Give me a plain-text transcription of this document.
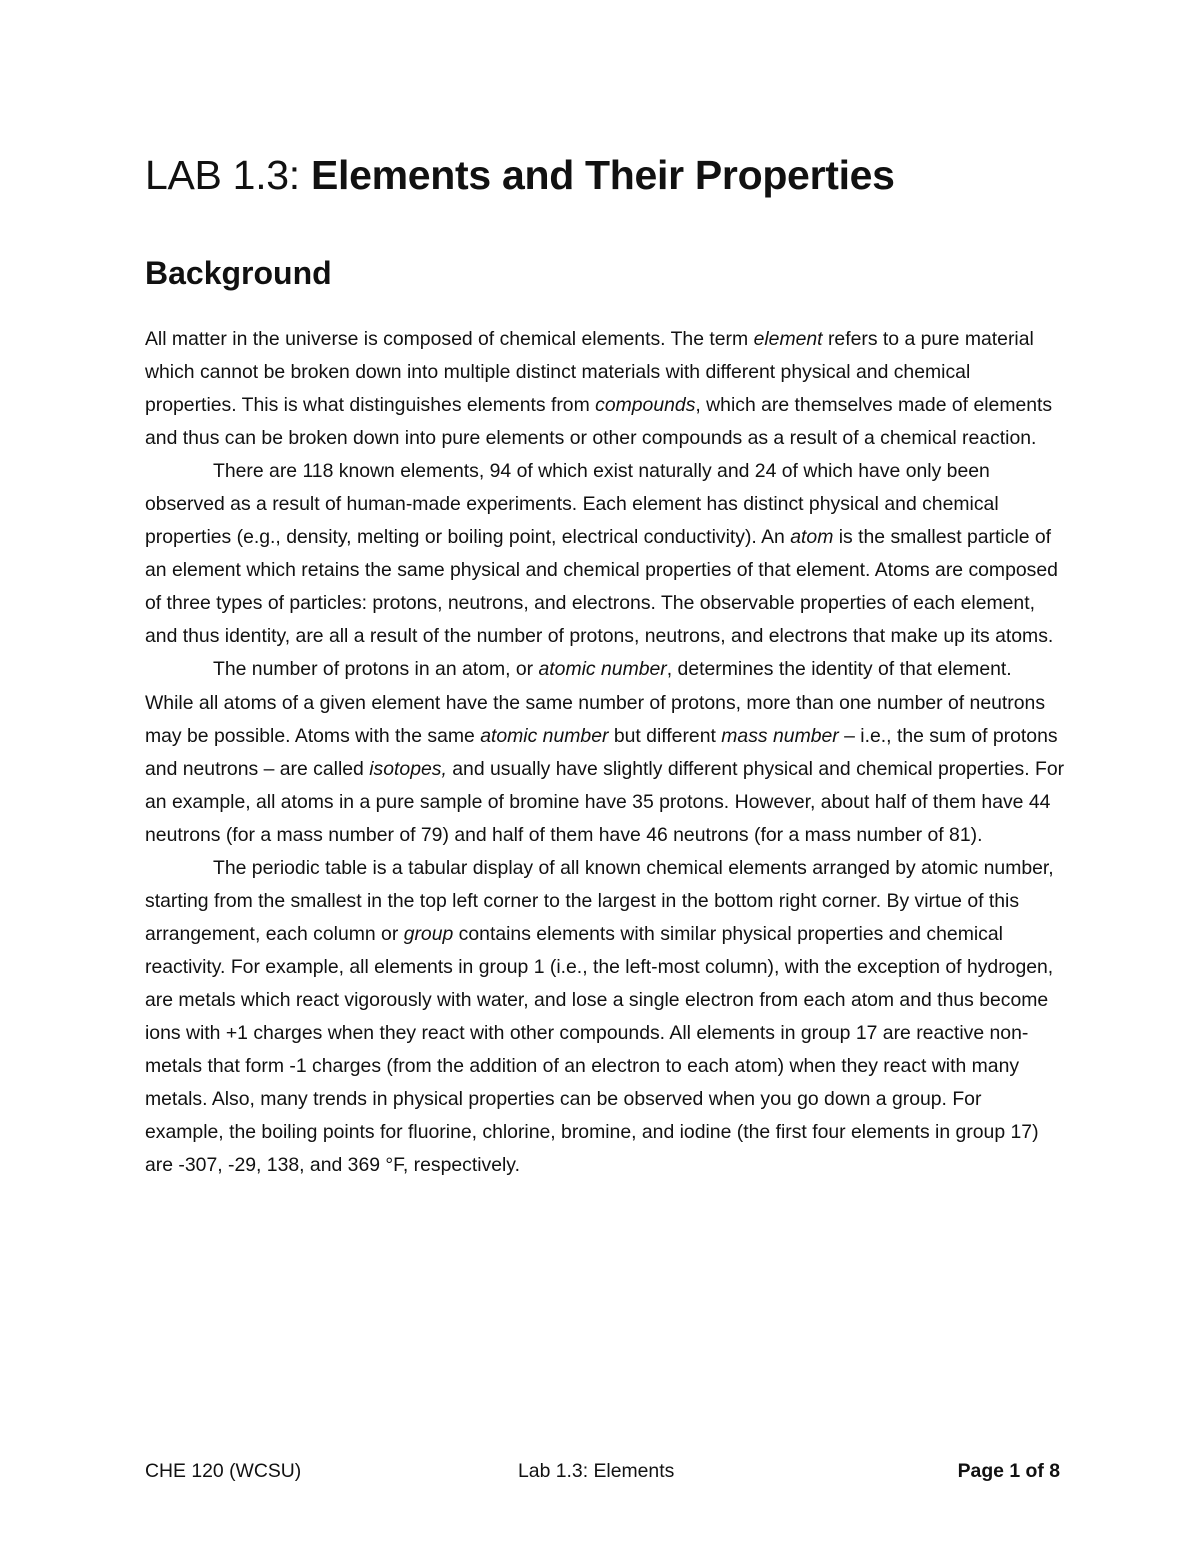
LAB 1.3: Elements and Their Properties
Background

All matter in the universe is composed of chemical elements. The term element refers to a pure material which cannot be broken down into multiple distinct materials with different physical and chemical properties. This is what distinguishes elements from compounds, which are themselves made of elements and thus can be broken down into pure elements or other compounds as a result of a chemical reaction.

There are 118 known elements, 94 of which exist naturally and 24 of which have only been observed as a result of human-made experiments. Each element has distinct physical and chemical properties (e.g., density, melting or boiling point, electrical conductivity). An atom is the smallest particle of an element which retains the same physical and chemical properties of that element. Atoms are composed of three types of particles: protons, neutrons, and electrons. The observable properties of each element, and thus identity, are all a result of the number of protons, neutrons, and electrons that make up its atoms.

The number of protons in an atom, or atomic number, determines the identity of that element. While all atoms of a given element have the same number of protons, more than one number of neutrons may be possible. Atoms with the same atomic number but different mass number – i.e., the sum of protons and neutrons – are called isotopes, and usually have slightly different physical and chemical properties. For an example, all atoms in a pure sample of bromine have 35 protons. However, about half of them have 44 neutrons (for a mass number of 79) and half of them have 46 neutrons (for a mass number of 81).

The periodic table is a tabular display of all known chemical elements arranged by atomic number, starting from the smallest in the top left corner to the largest in the bottom right corner. By virtue of this arrangement, each column or group contains elements with similar physical properties and chemical reactivity. For example, all elements in group 1 (i.e., the left-most column), with the exception of hydrogen, are metals which react vigorously with water, and lose a single electron from each atom and thus become ions with +1 charges when they react with other compounds. All elements in group 17 are reactive non-metals that form -1 charges (from the addition of an electron to each atom) when they react with many metals. Also, many trends in physical properties can be observed when you go down a group. For example, the boiling points for fluorine, chlorine, bromine, and iodine (the first four elements in group 17) are -307, -29, 138, and 369 °F, respectively.

CHE 120 (WCSU)	Lab 1.3: Elements	Page 1 of 8
